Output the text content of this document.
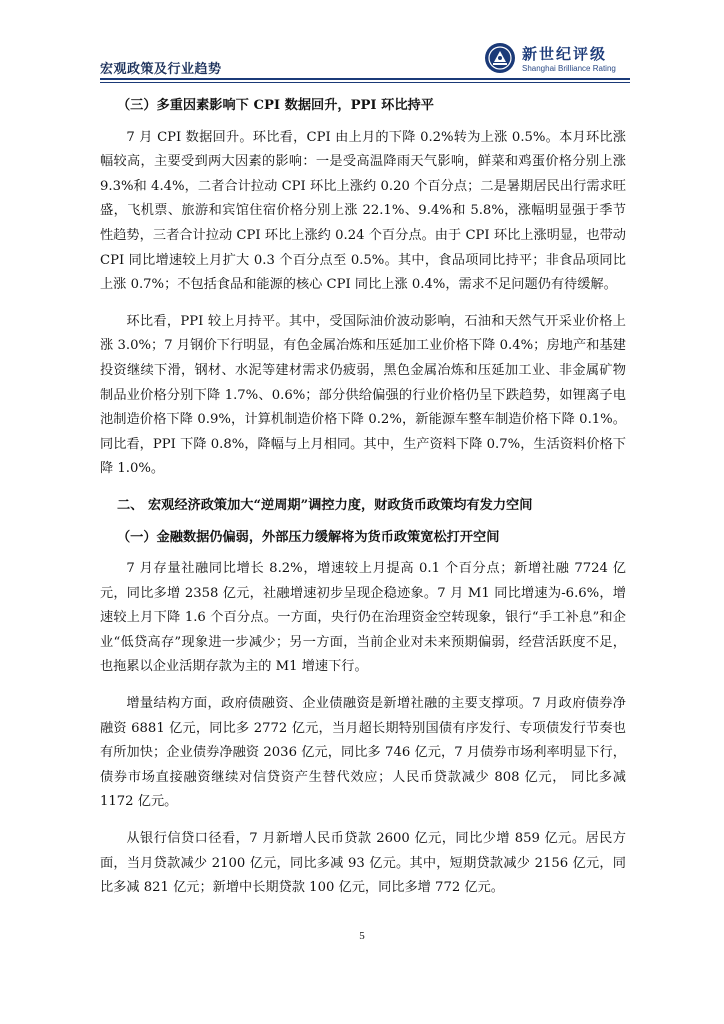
宏观政策及行业趋势
新世纪评级
Shanghai Brilliance Rating
（三）多重因素影响下 CPI 数据回升，PPI 环比持平
7 月 CPI 数据回升。环比看，CPI 由上月的下降 0.2%转为上涨 0.5%。本月环比涨幅较高，主要受到两大因素的影响：一是受高温降雨天气影响，鲜菜和鸡蛋价格分别上涨 9.3%和 4.4%，二者合计拉动 CPI 环比上涨约 0.20 个百分点；二是暑期居民出行需求旺盛，飞机票、旅游和宾馆住宿价格分别上涨 22.1%、9.4%和 5.8%，涨幅明显强于季节性趋势，三者合计拉动 CPI 环比上涨约 0.24 个百分点。由于 CPI 环比上涨明显，也带动 CPI 同比增速较上月扩大 0.3 个百分点至 0.5%。其中，食品项同比持平；非食品项同比上涨 0.7%；不包括食品和能源的核心 CPI 同比上涨 0.4%，需求不足问题仍有待缓解。
环比看，PPI 较上月持平。其中，受国际油价波动影响，石油和天然气开采业价格上涨 3.0%；7 月钢价下行明显，有色金属冶炼和压延加工业价格下降 0.4%；房地产和基建投资继续下滑，钢材、水泥等建材需求仍疲弱，黑色金属冶炼和压延加工业、非金属矿物制品业价格分别下降 1.7%、0.6%；部分供给偏强的行业价格仍呈下跌趋势，如锂离子电池制造价格下降 0.9%，计算机制造价格下降 0.2%，新能源车整车制造价格下降 0.1%。同比看，PPI 下降 0.8%，降幅与上月相同。其中，生产资料下降 0.7%，生活资料价格下降 1.0%。
二、 宏观经济政策加大“逆周期”调控力度，财政货币政策均有发力空间
（一）金融数据仍偏弱，外部压力缓解将为货币政策宽松打开空间
7 月存量社融同比增长 8.2%，增速较上月提高 0.1 个百分点；新增社融 7724 亿元，同比多增 2358 亿元，社融增速初步呈现企稳迹象。7 月 M1 同比增速为-6.6%，增速较上月下降 1.6 个百分点。一方面，央行仍在治理资金空转现象，银行“手工补息”和企业“低贷高存”现象进一步减少；另一方面，当前企业对未来预期偏弱，经营活跃度不足，也拖累以企业活期存款为主的 M1 增速下行。
增量结构方面，政府债融资、企业债融资是新增社融的主要支撑项。7 月政府债券净融资 6881 亿元，同比多 2772 亿元，当月超长期特别国债有序发行、专项债发行节奏也有所加快；企业债券净融资 2036 亿元，同比多 746 亿元，7 月债券市场利率明显下行，债券市场直接融资继续对信贷资产生替代效应；人民币贷款减少 808 亿元， 同比多减 1172 亿元。
从银行信贷口径看，7 月新增人民币贷款 2600 亿元，同比少增 859 亿元。居民方面，当月贷款减少 2100 亿元，同比多减 93 亿元。其中，短期贷款减少 2156 亿元，同比多减 821 亿元；新增中长期贷款 100 亿元，同比多增 772 亿元。
5
